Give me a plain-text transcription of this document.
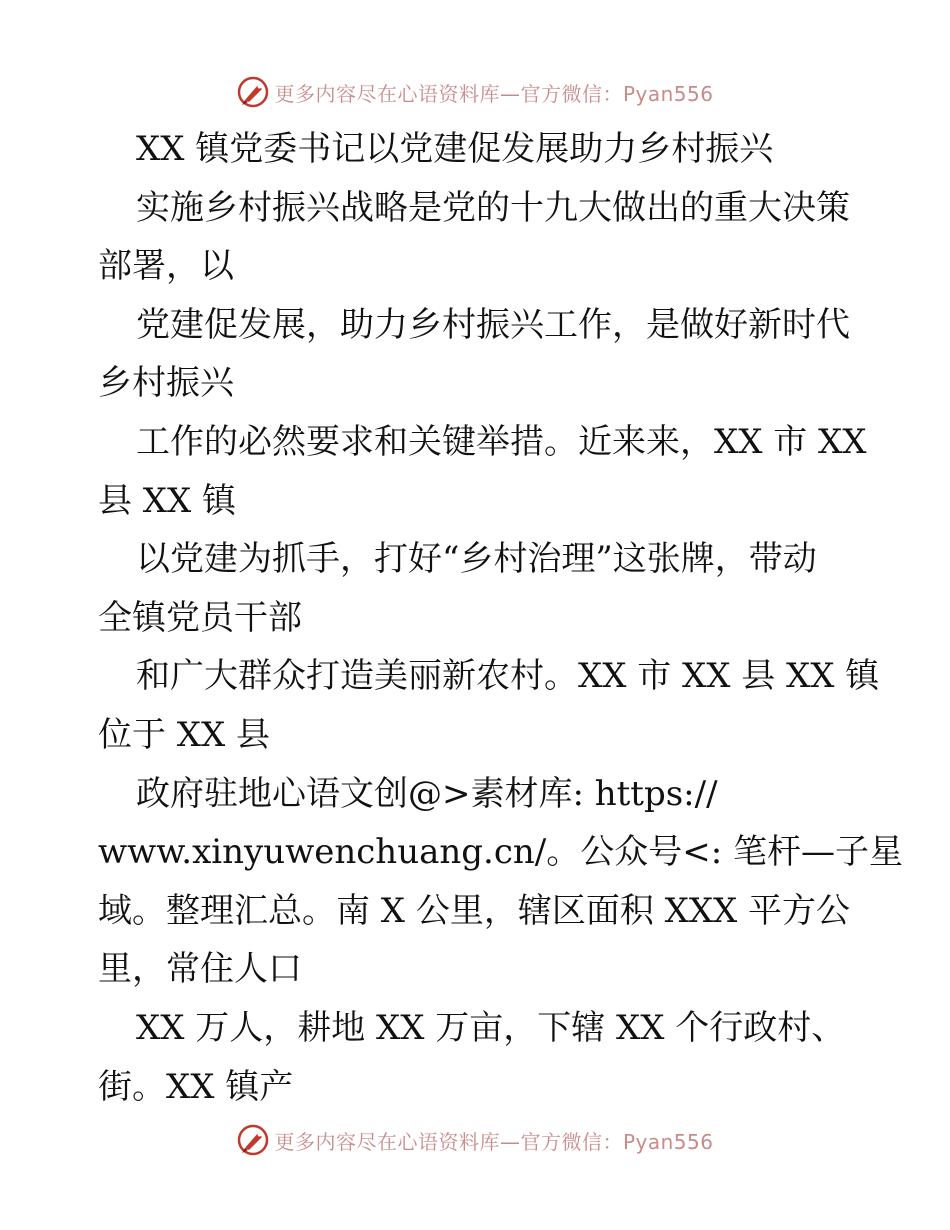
更多内容尽在心语资料库—官方微信：Pyan556
XX 镇党委书记以党建促发展助力乡村振兴
实施乡村振兴战略是党的十九大做出的重大决策
部署，以
党建促发展，助力乡村振兴工作，是做好新时代
乡村振兴
工作的必然要求和关键举措。近来来，XX 市 XX
县 XX 镇
以党建为抓手，打好“乡村治理”这张牌，带动
全镇党员干部
和广大群众打造美丽新农村。XX 市 XX 县 XX 镇
位于 XX 县
政府驻地心语文创@>素材库: https://
www.xinyuwenchuang.cn/。公众号<: 笔杆—子星
域。整理汇总。南 X 公里，辖区面积 XXX 平方公
里，常住人口
XX 万人，耕地 XX 万亩，下辖 XX 个行政村、
街。XX 镇产
更多内容尽在心语资料库—官方微信：Pyan556
